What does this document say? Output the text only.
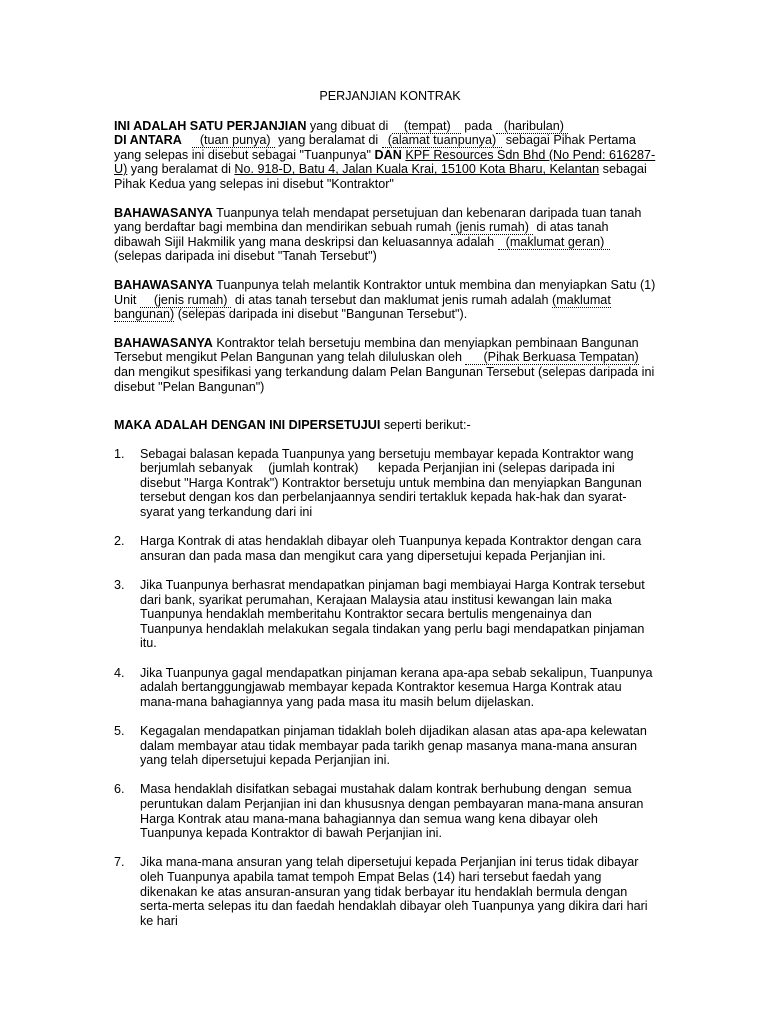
PERJANJIAN KONTRAK

INI ADALAH SATU PERJANJIAN yang dibuat di (tempat) pada (haribulan)
DI ANTARA (tuan punya) yang beralamat di (alamat tuanpunya) sebagai Pihak Pertama yang selepas ini disebut sebagai "Tuanpunya" DAN KPF Resources Sdn Bhd (No Pend: 616287-U) yang beralamat di No. 918-D, Batu 4, Jalan Kuala Krai, 15100 Kota Bharu, Kelantan sebagai Pihak Kedua yang selepas ini disebut "Kontraktor"

BAHAWASANYA Tuanpunya telah mendapat persetujuan dan kebenaran daripada tuan tanah yang berdaftar bagi membina dan mendirikan sebuah rumah (jenis rumah) di atas tanah dibawah Sijil Hakmilik yang mana deskripsi dan keluasannya adalah (maklumat geran) (selepas daripada ini disebut "Tanah Tersebut")

BAHAWASANYA Tuanpunya telah melantik Kontraktor untuk membina dan menyiapkan Satu (1) Unit (jenis rumah) di atas tanah tersebut dan maklumat jenis rumah adalah (maklumat bangunan) (selepas daripada ini disebut "Bangunan Tersebut").

BAHAWASANYA Kontraktor telah bersetuju membina dan menyiapkan pembinaan Bangunan Tersebut mengikut Pelan Bangunan yang telah diluluskan oleh (Pihak Berkuasa Tempatan) dan mengikut spesifikasi yang terkandung dalam Pelan Bangunan Tersebut (selepas daripada ini disebut "Pelan Bangunan")

MAKA ADALAH DENGAN INI DIPERSETUJUI seperti berikut:-

1. Sebagai balasan kepada Tuanpunya yang bersetuju membayar kepada Kontraktor wang berjumlah sebanyak (jumlah kontrak) kepada Perjanjian ini (selepas daripada ini disebut "Harga Kontrak") Kontraktor bersetuju untuk membina dan menyiapkan Bangunan tersebut dengan kos dan perbelanjaannya sendiri tertakluk kepada hak-hak dan syarat-syarat yang terkandung dari ini
2. Harga Kontrak di atas hendaklah dibayar oleh Tuanpunya kepada Kontraktor dengan cara ansuran dan pada masa dan mengikut cara yang dipersetujui kepada Perjanjian ini.
3. Jika Tuanpunya berhasrat mendapatkan pinjaman bagi membiayai Harga Kontrak tersebut dari bank, syarikat perumahan, Kerajaan Malaysia atau institusi kewangan lain maka Tuanpunya hendaklah memberitahu Kontraktor secara bertulis mengenainya dan Tuanpunya hendaklah melakukan segala tindakan yang perlu bagi mendapatkan pinjaman itu.
4. Jika Tuanpunya gagal mendapatkan pinjaman kerana apa-apa sebab sekalipun, Tuanpunya adalah bertanggungjawab membayar kepada Kontraktor kesemua Harga Kontrak atau mana-mana bahagiannya yang pada masa itu masih belum dijelaskan.
5. Kegagalan mendapatkan pinjaman tidaklah boleh dijadikan alasan atas apa-apa kelewatan dalam membayar atau tidak membayar pada tarikh genap masanya mana-mana ansuran yang telah dipersetujui kepada Perjanjian ini.
6. Masa hendaklah disifatkan sebagai mustahak dalam kontrak berhubung dengan  semua peruntukan dalam Perjanjian ini dan khususnya dengan pembayaran mana-mana ansuran Harga Kontrak atau mana-mana bahagiannya dan semua wang kena dibayar oleh Tuanpunya kepada Kontraktor di bawah Perjanjian ini.
7. Jika mana-mana ansuran yang telah dipersetujui kepada Perjanjian ini terus tidak dibayar oleh Tuanpunya apabila tamat tempoh Empat Belas (14) hari tersebut faedah yang dikenakan ke atas ansuran-ansuran yang tidak berbayar itu hendaklah bermula dengan serta-merta selepas itu dan faedah hendaklah dibayar oleh Tuanpunya yang dikira dari hari ke hari
